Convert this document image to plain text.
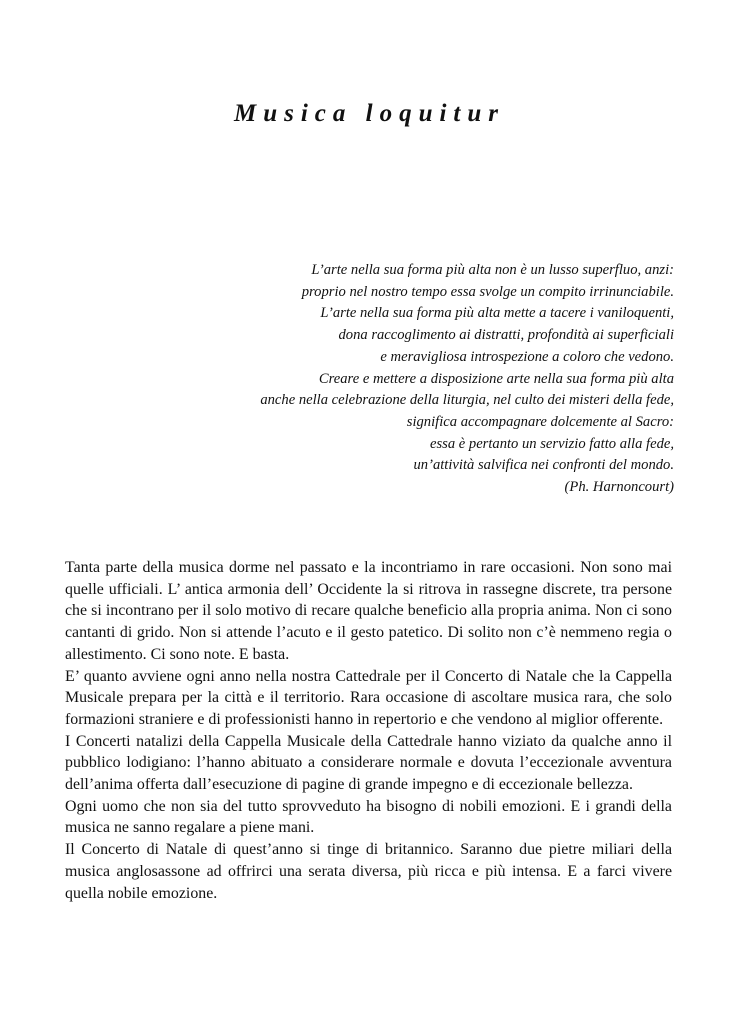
Musica loquitur
L’arte nella sua forma più alta non è un lusso superfluo, anzi:
proprio nel nostro tempo essa svolge un compito irrinunciabile.
L’arte nella sua forma più alta mette a tacere i vaniloquenti,
dona raccoglimento ai distratti, profondità ai superficiali
e meravigliosa introspezione a coloro che vedono.
Creare e mettere a disposizione arte nella sua forma più alta
anche nella celebrazione della liturgia, nel culto dei misteri della fede,
significa accompagnare dolcemente al Sacro:
essa è pertanto un servizio fatto alla fede,
un’attività salvifica nei confronti del mondo.
(Ph. Harnoncourt)

Tanta parte della musica dorme nel passato e la incontriamo in rare occasioni. Non sono mai quelle ufficiali. L’ antica armonia dell’ Occidente la si ritrova in rassegne discrete, tra persone che si incontrano per il solo motivo di recare qualche beneficio alla propria anima. Non ci sono cantanti di grido. Non si attende l’acuto e il gesto patetico. Di solito non c’è nemmeno regia o allestimento. Ci sono note. E basta.

E’ quanto avviene ogni anno nella nostra Cattedrale per il Concerto di Natale che la Cappella Musicale prepara per la città e il territorio. Rara occasione di ascoltare musica rara, che solo formazioni straniere e di professionisti hanno in repertorio e che vendono al miglior offerente.

I Concerti natalizi della Cappella Musicale della Cattedrale hanno viziato da qualche anno il pubblico lodigiano: l’hanno abituato a considerare normale e dovuta l’eccezionale avventura dell’anima offerta dall’esecuzione di pagine di grande impegno e di eccezionale bellezza.

Ogni uomo che non sia del tutto sprovveduto ha bisogno di nobili emozioni. E i grandi della musica ne sanno regalare a piene mani.

Il Concerto di Natale di quest’anno si tinge di britannico. Saranno due pietre miliari della musica anglosassone ad offrirci una serata diversa, più ricca e più intensa. E a farci vivere quella nobile emozione.
